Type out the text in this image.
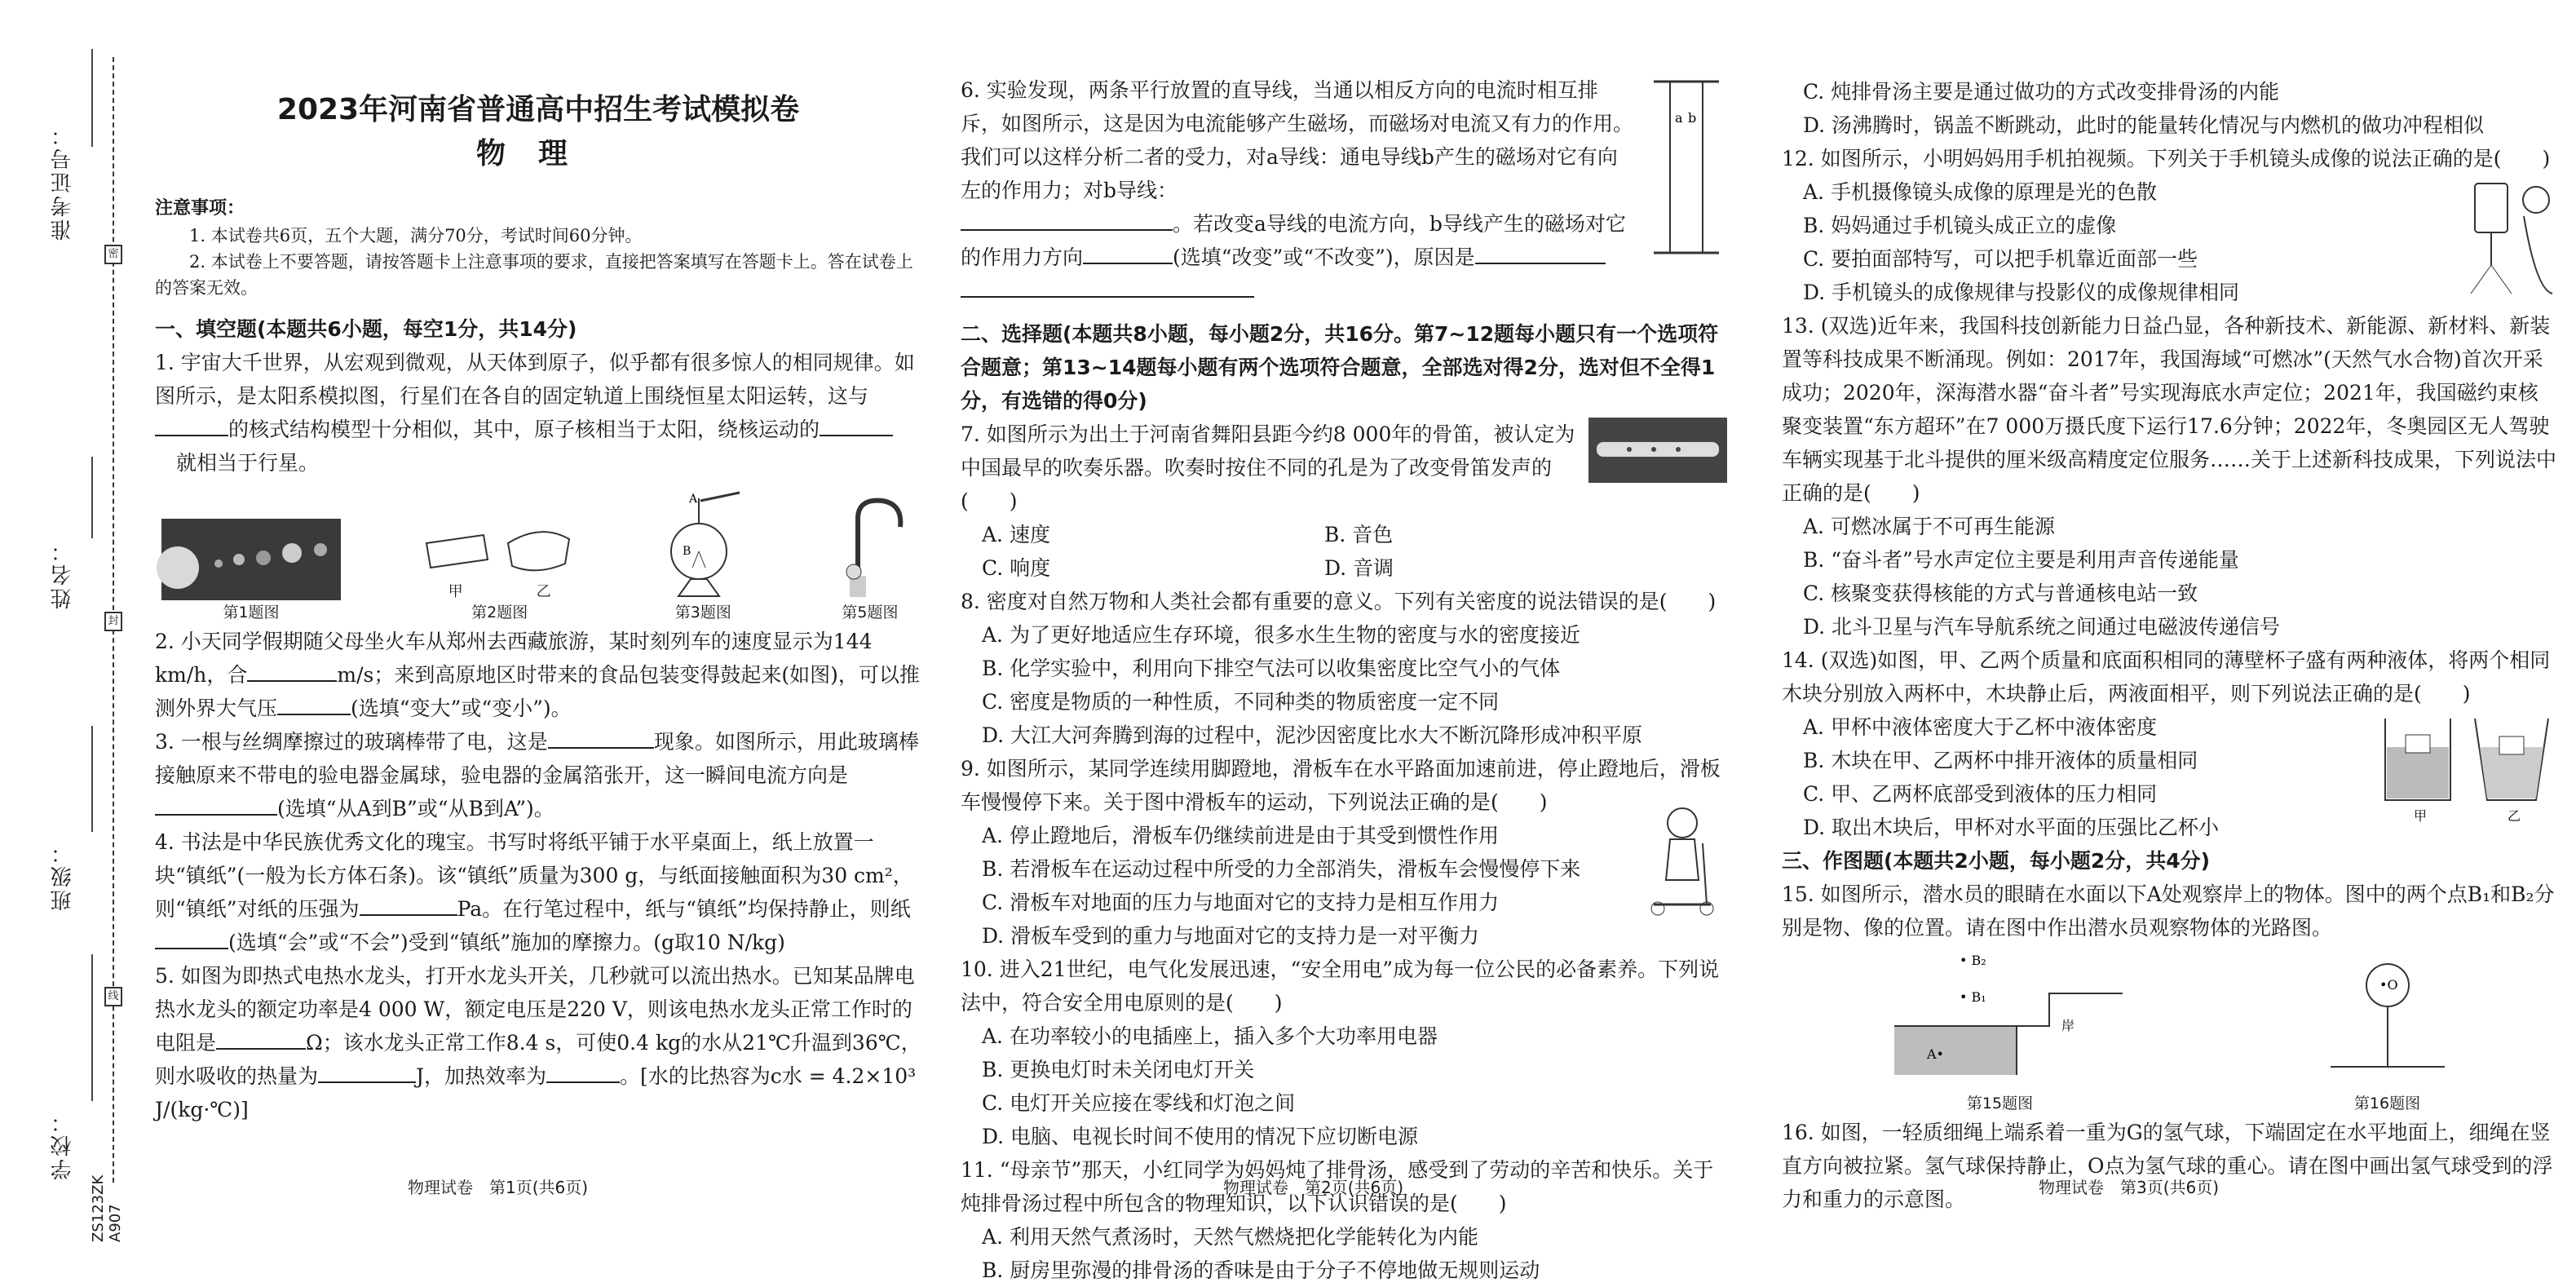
准考证号：
姓名：
班级：
学校：
密
封
线
ZS123ZK A907
2023年河南省普通高中招生考试模拟卷
物理
注意事项：
1. 本试卷共6页，五个大题，满分70分，考试时间60分钟。
2. 本试卷上不要答题，请按答题卡上注意事项的要求，直接把答案填写在答题卡上。答在试卷上的答案无效。
一、填空题(本题共6小题，每空1分，共14分)
1. 宇宙大千世界，从宏观到微观，从天体到原子，似乎都有很多惊人的相同规律。如图所示，是太阳系模拟图，行星们在各自的固定轨道上围绕恒星太阳运转，这与的核式结构模型十分相似，其中，原子核相当于太阳，绕核运动的
就相当于行星。
第1题图
甲	乙
第2题图
A
B
第3题图	第5题图
2. 小天同学假期随父母坐火车从郑州去西藏旅游，某时刻列车的速度显示为144 km/h，合	m/s；来到高原地区时带来的食品包装变得鼓起来(如图)，可以推测外界大气压	(选填“变大”或“变小”)。
3. 一根与丝绸摩擦过的玻璃棒带了电，这是	现象。如图所示，用此玻璃棒接触原来不带电的验电器金属球，验电器的金属箔张开，这一瞬间电流方向是(选填“从A到B”或“从B到A”)。
4. 书法是中华民族优秀文化的瑰宝。书写时将纸平铺于水平桌面上，纸上放置一块“镇纸”(一般为长方体石条)。该“镇纸”质量为300 g，与纸面接触面积为30 cm²，则“镇纸”对纸的压强为	Pa。在行笔过程中，纸与“镇纸”均保持静止，则纸(选填“会”或“不会”)受到“镇纸”施加的摩擦力。(g取10 N/kg)
5. 如图为即热式电热水龙头，打开水龙头开关，几秒就可以流出热水。已知某品牌电热水龙头的额定功率是4 000 W，额定电压是220 V，则该电热水龙头正常工作时的电阻是	Ω；该水龙头正常工作8.4 s，可使0.4 kg的水从21℃升温到36℃，则水吸收的热量为	J，加热效率为	。[水的比热容为c水 = 4.2×10³ J/(kg·℃)]
物理试卷　第1页(共6页)
a b
6. 实验发现，两条平行放置的直导线，当通以相反方向的电流时相互排斥，如图所示，这是因为电流能够产生磁场，而磁场对电流又有力的作用。我们可以这样分析二者的受力，对a导线：通电导线b产生的磁场对它有向左的作用力；对b导线：
。若改变a导线的电流方向，b导线产生的磁场对它的作用力方向	(选填“改变”或“不改变”)，原因是

二、选择题(本题共8小题，每小题2分，共16分。第7~12题每小题只有一个选项符合题意；第13~14题每小题有两个选项符合题意，全部选对得2分，选对但不全得1分，有选错的得0分)
7. 如图所示为出土于河南省舞阳县距今约8 000年的骨笛，被认定为中国最早的吹奏乐器。吹奏时按住不同的孔是为了改变骨笛发声的(　　)
A. 速度	B. 音色
C. 响度	D. 音调
8. 密度对自然万物和人类社会都有重要的意义。下列有关密度的说法错误的是(　　)
A. 为了更好地适应生存环境，很多水生生物的密度与水的密度接近
B. 化学实验中，利用向下排空气法可以收集密度比空气小的气体
C. 密度是物质的一种性质，不同种类的物质密度一定不同
D. 大江大河奔腾到海的过程中，泥沙因密度比水大不断沉降形成冲积平原
9. 如图所示，某同学连续用脚蹬地，滑板车在水平路面加速前进，停止蹬地后，滑板车慢慢停下来。关于图中滑板车的运动，下列说法正确的是(　　)
A. 停止蹬地后，滑板车仍继续前进是由于其受到惯性作用
B. 若滑板车在运动过程中所受的力全部消失，滑板车会慢慢停下来
C. 滑板车对地面的压力与地面对它的支持力是相互作用力
D. 滑板车受到的重力与地面对它的支持力是一对平衡力
10. 进入21世纪，电气化发展迅速，“安全用电”成为每一位公民的必备素养。下列说法中，符合安全用电原则的是(　　)
A. 在功率较小的电插座上，插入多个大功率用电器
B. 更换电灯时未关闭电灯开关
C. 电灯开关应接在零线和灯泡之间
D. 电脑、电视长时间不使用的情况下应切断电源
11. “母亲节”那天，小红同学为妈妈炖了排骨汤，感受到了劳动的辛苦和快乐。关于炖排骨汤过程中所包含的物理知识，以下认识错误的是(　　)
A. 利用天然气煮汤时，天然气燃烧把化学能转化为内能
B. 厨房里弥漫的排骨汤的香味是由于分子不停地做无规则运动
物理试卷　第2页(共6页)
C. 炖排骨汤主要是通过做功的方式改变排骨汤的内能
D. 汤沸腾时，锅盖不断跳动，此时的能量转化情况与内燃机的做功冲程相似
12. 如图所示，小明妈妈用手机拍视频。下列关于手机镜头成像的说法正确的是(　　)
A. 手机摄像镜头成像的原理是光的色散
B. 妈妈通过手机镜头成正立的虚像
C. 要拍面部特写，可以把手机靠近面部一些
D. 手机镜头的成像规律与投影仪的成像规律相同
13. (双选)近年来，我国科技创新能力日益凸显，各种新技术、新能源、新材料、新装置等科技成果不断涌现。例如：2017年，我国海域“可燃冰”(天然气水合物)首次开采成功；2020年，深海潜水器“奋斗者”号实现海底水声定位；2021年，我国磁约束核聚变装置“东方超环”在7 000万摄氏度下运行17.6分钟；2022年，冬奥园区无人驾驶车辆实现基于北斗提供的厘米级高精度定位服务……关于上述新科技成果，下列说法中正确的是(　　)
A. 可燃冰属于不可再生能源
B. “奋斗者”号水声定位主要是利用声音传递能量
C. 核聚变获得核能的方式与普通核电站一致
D. 北斗卫星与汽车导航系统之间通过电磁波传递信号
14. (双选)如图，甲、乙两个质量和底面积相同的薄壁杯子盛有两种液体，将两个相同木块分别放入两杯中，木块静止后，两液面相平，则下列说法正确的是(　　)
甲	乙
A. 甲杯中液体密度大于乙杯中液体密度
B. 木块在甲、乙两杯中排开液体的质量相同
C. 甲、乙两杯底部受到液体的压力相同
D. 取出木块后，甲杯对水平面的压强比乙杯小
三、作图题(本题共2小题，每小题2分，共4分)
15. 如图所示，潜水员的眼睛在水面以下A处观察岸上的物体。图中的两个点B₁和B₂分别是物、像的位置。请在图中作出潜水员观察物体的光路图。
• B₂
• B₁
A•
岸
第15题图
•O
第16题图
16. 如图，一轻质细绳上端系着一重为G的氢气球，下端固定在水平地面上，细绳在竖直方向被拉紧。氢气球保持静止，O点为氢气球的重心。请在图中画出氢气球受到的浮力和重力的示意图。	物理试卷　第3页(共6页)
